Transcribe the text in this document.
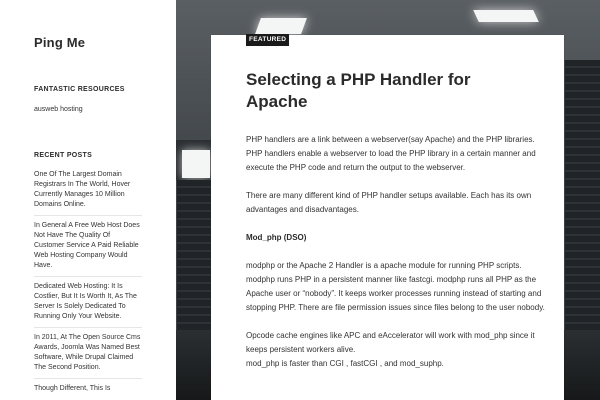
Ping Me
FANTASTIC RESOURCES
ausweb hosting
RECENT POSTS
One Of The Largest Domain Registrars In The World, Hover Currently Manages 10 Million Domains Online.
In General A Free Web Host Does Not Have The Quality Of Customer Service A Paid Reliable Web Hosting Company Would Have.
Dedicated Web Hosting: It Is Costlier, But It Is Worth It, As The Server Is Solely Dedicated To Running Only Your Website.
In 2011, At The Open Source Cms Awards, Joomla Was Named Best Software, While Drupal Claimed The Second Position.
Though Different, This Is
FEATURED
Selecting a PHP Handler for Apache

PHP handlers are a link between a webserver(say Apache) and the PHP libraries. PHP handlers enable a webserver to load the PHP library in a certain manner and execute the PHP code and return the output to the webserver.

There are many different kind of PHP handler setups available. Each has its own advantages and disadvantages.

Mod_php (DSO)

modphp or the Apache 2 Handler is a apache module for running PHP scripts. modphp runs PHP in a persistent manner like fastcgi. modphp runs all PHP as the Apache user or “nobody”. It keeps worker processes running instead of starting and stopping PHP. There are file permission issues since files belong to the user nobody.

Opcode cache engines like APC and eAccelerator will work with mod_php since it keeps persistent workers alive.

mod_php is faster than CGI , fastCGI , and mod_suphp.
